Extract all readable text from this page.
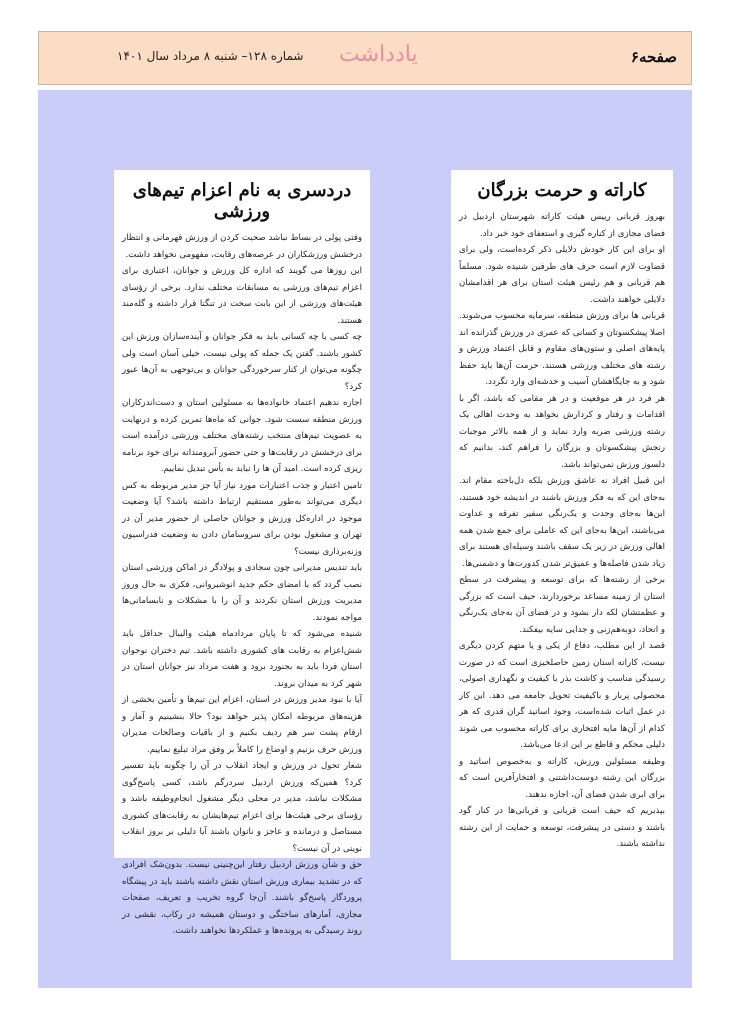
صفحه۶
یادداشت
شماره ۱۲۸– شنبه ۸ مرداد سال ۱۴۰۱
کاراته و حرمت بزرگان

بهروز قربانی رییس هیئت کاراته شهرستان اردبیل در فضای مجازی از کناره گیری و استعفای خود خبر داد.

او برای این کار خودش دلایلی ذکر کرده‌است، ولی برای قضاوت لازم است حرف های طرفین شنیده شود. مسلماً هم قربانی و هم رئیس هیئت استان برای هر اقدامشان دلایلی خواهند داشت.

قربانی ها برای ورزش منطقه، سرمایه محسوب می‌شوند. اصلا پیشکسوتان و کسانی که عمری در ورزش گذرانده اند پایه‌های اصلی و ستون‌های مقاوم و قابل اعتماد ورزش و رشته های مختلف ورزشی هستند. حرمت آن‌ها باید حفظ شود و به جایگاهشان آسیب و خدشه‌ای وارد نگردد.

هر فرد در هر موقعیت و در هر مقامی که باشد، اگر با اقدامات و رفتار و کردارش بخواهد به وحدت اهالی یک رشته ورزشی ضربه وارد نماید و از همه بالاتر موجبات رنجش پیشکسوتان و بزرگان را فراهم کند، بدانیم که دلسوز ورزش نمی‌تواند باشد.

این قبیل افراد نه عاشق ورزش بلکه دل‌باخته مقام اند. به‌جای این که به فکر ورزش باشند در اندیشه خود هستند، این‌ها به‌جای وحدت و یک‌رنگی سفیر تفرقه و عداوت می‌باشند، این‌ها به‌جای این که عاملی برای جمع شدن همه اهالی ورزش در زیر یک سقف باشند وسیله‌ای هستند برای زیاد شدن فاصله‌ها و عمیق‌تر شدن کدورت‌ها و دشمنی‌ها.

برخی از رشته‌ها که برای توسعه و پیشرفت در سطح استان از زمینه مساعد برخوردارند، حیف است که بزرگی و عظمتشان لکه دار بشود و در فضای آن به‌جای یک‌رنگی و اتحاد، دوبه‌هم‌زنی و جدایی سایه بیفکند.

قصد از این مطلب، دفاع از یکی و یا متهم کردن دیگری نیست، کاراته استان زمین حاصلخیزی است که در صورت رسیدگی مناسب و کاشت بذر با کیفیت و نگهداری اصولی، محصولی پربار و باکیفیت تحویل جامعه می دهد. این کار در عمل اثبات شده‌است، وجود اساتید گران قدری که هر کدام از آن‌ها مایه افتخاری برای کاراته محسوب می شوند دلیلی محکم و قاطع بر این ادعا می‌باشد.

وظیفه مسئولین ورزش، کاراته و به‌خصوص اساتید و بزرگان این رشته دوست‌داشتنی و افتخارآفرین است که برای ابری شدن فضای آن، اجازه ندهند.

بپذیریم که حیف است قربانی و قربانی‌ها در کنار گود باشند و دستی در پیشرفت، توسعه و حمایت از این رشته نداشته باشند.

دردسری به نام اعزام تیم‌های ورزشی

وقتی پولی در بساط نباشد صحبت کردن از ورزش قهرمانی و انتظار درخشش ورزشکاران در عرصه‌های رقابت، مفهومی نخواهد داشت.

این روزها می گویند که اداره کل ورزش و جوانان، اعتباری برای اعزام تیم‌های ورزشی به مسابقات مختلف ندارد. برخی از رؤسای هیئت‌های ورزشی از این بابت سخت در تنگنا قرار داشته و گله‌مند هستند.

چه کسی یا چه کسانی باید به فکر جوانان و آینده‌سازان ورزش این کشور باشند. گفتن یک جمله که پولی نیست، خیلی آسان است ولی چگونه می‌توان از کنار سرخوردگی جوانان و بی‌توجهی به آن‌ها عبور کرد؟

اجازه ندهیم اعتماد خانواده‌ها به مسئولین استان و دست‌اندرکاران ورزش منطقه سست شود. جوانی که ماه‌ها تمرین کرده و درنهایت به عضویت تیم‌های منتخب رشته‌های مختلف ورزشی درآمده است برای درخشش در رقابت‌ها و حتی حضور آبرومندانه برای خود برنامه ریزی کرده است. امید آن ها را نباید به یأس تبدیل نماییم.

تامین اعتبار و جذب اعتبارات مورد نیاز آیا جز مدیر مربوطه به کس دیگری می‌تواند به‌طور مستقیم ارتباط داشته باشد؟ آیا وضعیت موجود در اداره‌کل ورزش و جوانان حاصلی از حضور مدیر آن در تهران و مشغول بودن برای سروسامان دادن به وضعیت فدراسیون وزنه‌برداری نیست؟

باید تندیس مدیرانی چون سجادی و پولادگر در اماکن ورزشی استان نصب گردد که با امضای حکم جدید انوشیروانی، فکری به حال وروز مدیریت ورزش استان نکردند و آن را با مشکلات و نابسامانی‌ها مواجه نمودند.

شنیده می‌شود که تا پایان مردادماه هیئت والیبال حداقل باید شش‌اعزام به رقابت های کشوری داشته باشد. تیم دختران نوجوان استان فردا باید به بجنورد برود و هفت مرداد نیز جوانان استان در شهر کرد به میدان بروند.

آیا با نبود مدیر ورزش در استان، اعزام این تیم‌ها و تأمین بخشی از هزینه‌های مربوطه امکان پذیر خواهد بود؟ حالا بنشینیم و آمار و ارقام پشت سر هم ردیف بکنیم و از باقیات وصالحات مدیران ورزش حرف بزنیم و اوضاع را کاملاً بر وفق مراد تبلیغ نماییم.

شعار تحول در ورزش و ایجاد انقلاب در آن را چگونه باید تفسیر کرد؟ همین‌که ورزش اردبیل سردرگم باشد، کسی پاسخ‌گوی مشکلات نباشد، مدیر در محلی دیگر مشغول انجام‌وظیفه باشد و رؤسای برخی هیئت‌ها برای اعزام تیم‌هایشان به رقابت‌های کشوری مستاصل و درمانده و عاجز و ناتوان باشند آیا دلیلی بر بروز انقلاب نوینی در آن نیست؟

حق و شأن ورزش اردبیل رفتار این‌چنینی نیست. بدون‌شک افرادی که در تشدید بیماری ورزش استان نقش داشته باشند باید در پیشگاه پروردگار پاسخ‌گو باشند. آن‌جا گروه تخریب و تعریف، صفحات مجازی، آمارهای ساختگی و دوستان همیشه در رکاب، نقشی در روند رسیدگی به پرونده‌ها و عملکردها نخواهند داشت.
